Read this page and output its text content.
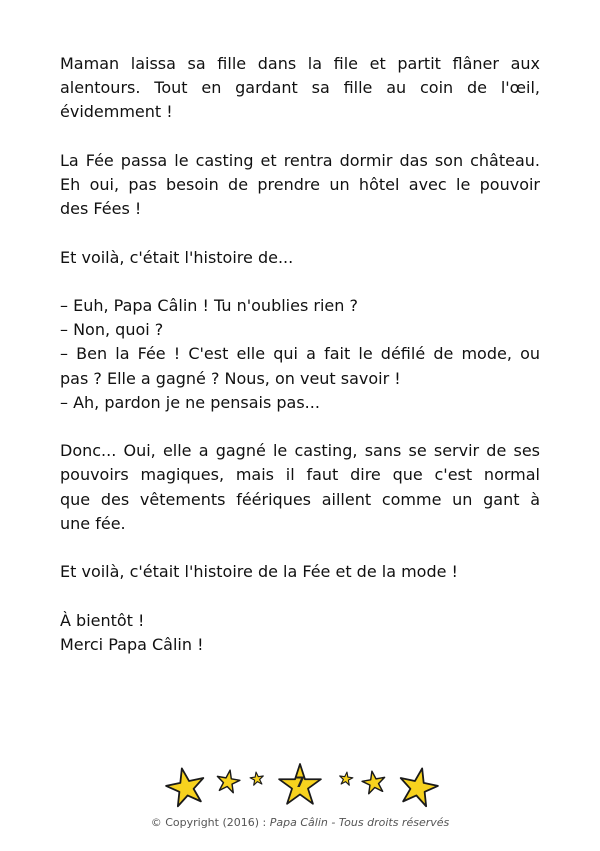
Maman laissa sa fille dans la file et partit flâner aux
alentours. Tout en gardant sa fille au coin de l'œil,
évidemment !

La Fée passa le casting et rentra dormir das son château.
Eh oui, pas besoin de prendre un hôtel avec le pouvoir
des Fées !

Et voilà, c'était l'histoire de...

– Euh, Papa Câlin ! Tu n'oublies rien ?
– Non, quoi ?
– Ben la Fée ! C'est elle qui a fait le défilé de mode, ou
pas ? Elle a gagné ? Nous, on veut savoir !
– Ah, pardon je ne pensais pas...

Donc... Oui, elle a gagné le casting, sans se servir de ses
pouvoirs magiques, mais il faut dire que c'est normal
que des vêtements féériques aillent comme un gant à
une fée.

Et voilà, c'était l'histoire de la Fée et de la mode !

À bientôt !
Merci Papa Câlin !

7
© Copyright (2016) : Papa Câlin - Tous droits réservés
